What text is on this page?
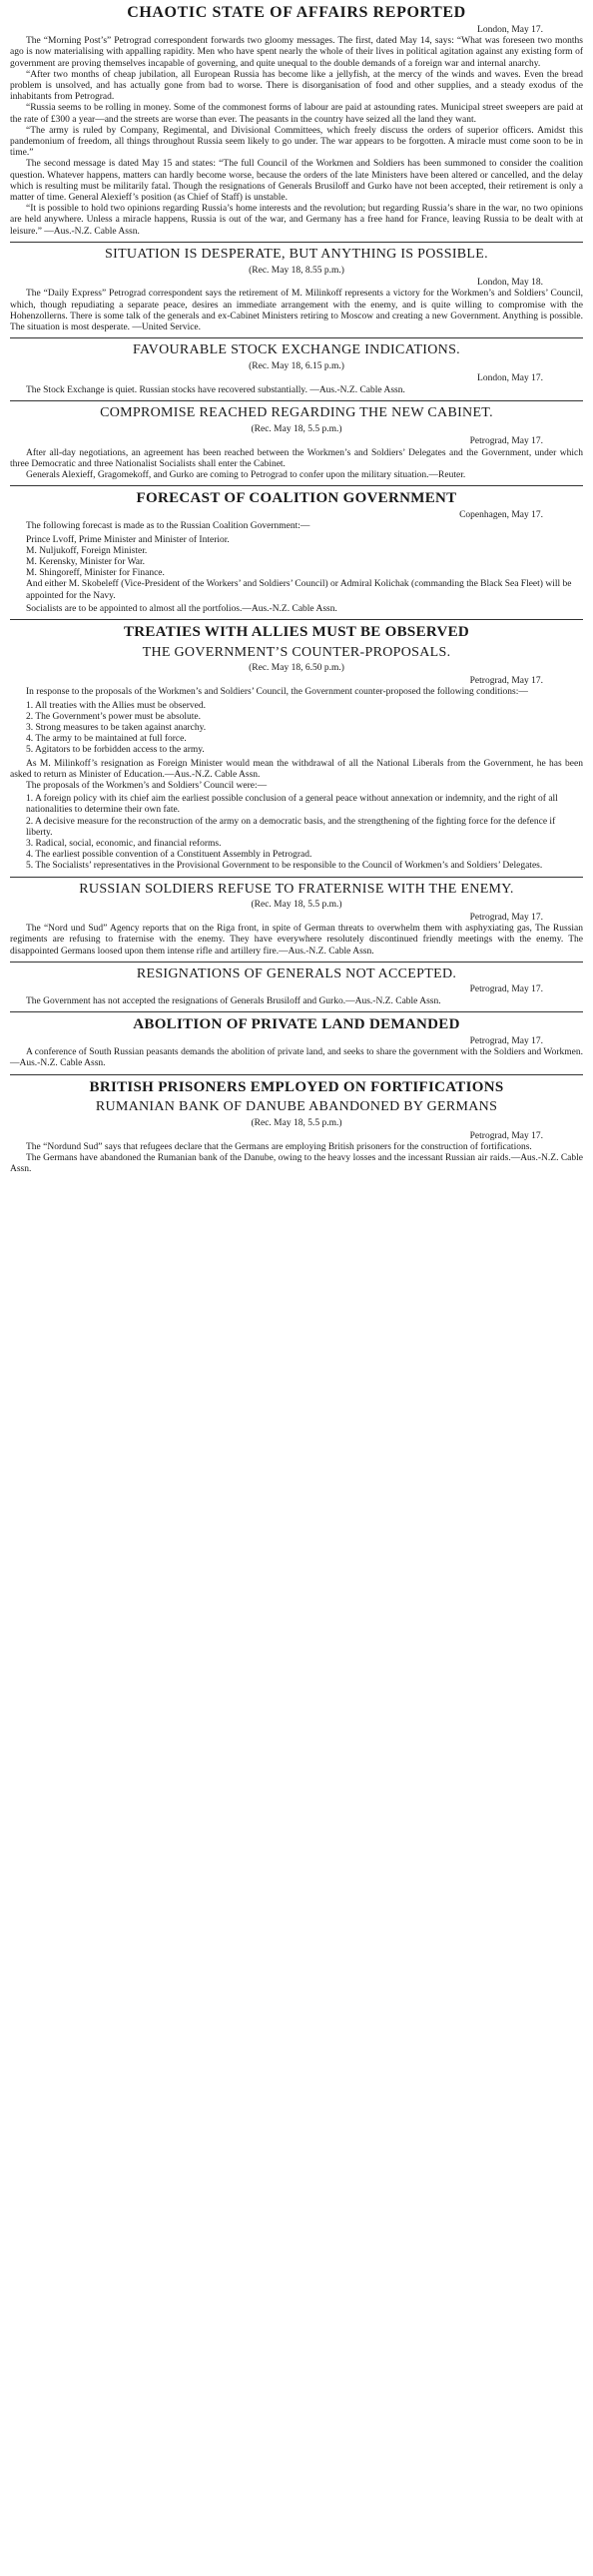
CHAOTIC STATE OF AFFAIRS REPORTED
London, May 17.

The “Morning Post’s” Petrograd correspondent forwards two gloomy messages. The first, dated May 14, says: “What was foreseen two months ago is now materialising with appalling rapidity. Men who have spent nearly the whole of their lives in political agitation against any existing form of government are proving themselves incapable of governing, and quite unequal to the double demands of a foreign war and internal anarchy.

“After two months of cheap jubilation, all European Russia has become like a jellyfish, at the mercy of the winds and waves. Even the bread problem is unsolved, and has actually gone from bad to worse. There is disorganisation of food and other supplies, and a steady exodus of the inhabitants from Petrograd.

“Russia seems to be rolling in money. Some of the commonest forms of labour are paid at astounding rates. Municipal street sweepers are paid at the rate of £300 a year—and the streets are worse than ever. The peasants in the country have seized all the land they want.

“The army is ruled by Company, Regimental, and Divisional Committees, which freely discuss the orders of superior officers. Amidst this pandemonium of freedom, all things throughout Russia seem likely to go under. The war appears to be forgotten. A miracle must come soon to be in time.”

The second message is dated May 15 and states: “The full Council of the Workmen and Soldiers has been summoned to consider the coalition question. Whatever happens, matters can hardly become worse, because the orders of the late Ministers have been altered or cancelled, and the delay which is resulting must be militarily fatal. Though the resignations of Generals Brusiloff and Gurko have not been accepted, their retirement is only a matter of time. General Alexieff’s position (as Chief of Staff) is unstable.

“It is possible to hold two opinions regarding Russia’s home interests and the revolution; but regarding Russia’s share in the war, no two opinions are held anywhere. Unless a miracle happens, Russia is out of the war, and Germany has a free hand for France, leaving Russia to be dealt with at leisure.” —Aus.-N.Z. Cable Assn.

SITUATION IS DESPERATE, BUT ANYTHING IS POSSIBLE.
(Rec. May 18, 8.55 p.m.)
London, May 18.

The “Daily Express” Petrograd correspondent says the retirement of M. Milinkoff represents a victory for the Workmen’s and Soldiers’ Council, which, though repudiating a separate peace, desires an immediate arrangement with the enemy, and is quite willing to compromise with the Hohenzollerns. There is some talk of the generals and ex-Cabinet Ministers retiring to Moscow and creating a new Government. Anything is possible. The situation is most desperate. —United Service.

FAVOURABLE STOCK EXCHANGE INDICATIONS.
(Rec. May 18, 6.15 p.m.)
London, May 17.

The Stock Exchange is quiet. Russian stocks have recovered substantially. —Aus.-N.Z. Cable Assn.

COMPROMISE REACHED REGARDING THE NEW CABINET.
(Rec. May 18, 5.5 p.m.)
Petrograd, May 17.

After all-day negotiations, an agreement has been reached between the Workmen’s and Soldiers’ Delegates and the Government, under which three Democratic and three Nationalist Socialists shall enter the Cabinet.

Generals Alexieff, Gragomekoff, and Gurko are coming to Petrograd to confer upon the military situation.—Reuter.

FORECAST OF COALITION GOVERNMENT
Copenhagen, May 17.

The following forecast is made as to the Russian Coalition Government:—

Prince Lvoff, Prime Minister and Minister of Interior.
M. Nuljukoff, Foreign Minister.
M. Kerensky, Minister for War.
M. Shingoreff, Minister for Finance.
And either M. Skobeleff (Vice-President of the Workers’ and Soldiers’ Council) or Admiral Kolichak (commanding the Black Sea Fleet) will be appointed for the Navy.

Socialists are to be appointed to almost all the portfolios.—Aus.-N.Z. Cable Assn.

TREATIES WITH ALLIES MUST BE OBSERVED
THE GOVERNMENT’S COUNTER-PROPOSALS.
(Rec. May 18, 6.50 p.m.)
Petrograd, May 17.

In response to the proposals of the Workmen’s and Soldiers’ Council, the Government counter-proposed the following conditions:—

1. All treaties with the Allies must be observed.
2. The Government’s power must be absolute.
3. Strong measures to be taken against anarchy.
4. The army to be maintained at full force.
5. Agitators to be forbidden access to the army.

As M. Milinkoff’s resignation as Foreign Minister would mean the withdrawal of all the National Liberals from the Government, he has been asked to return as Minister of Education.—Aus.-N.Z. Cable Assn.

The proposals of the Workmen’s and Soldiers’ Council were:—

1. A foreign policy with its chief aim the earliest possible conclusion of a general peace without annexation or indemnity, and the right of all nationalities to determine their own fate.
2. A decisive measure for the reconstruction of the army on a democratic basis, and the strengthening of the fighting force for the defence if liberty.
3. Radical, social, economic, and financial reforms.
4. The earliest possible convention of a Constituent Assembly in Petrograd.
5. The Socialists’ representatives in the Provisional Government to be responsible to the Council of Workmen’s and Soldiers’ Delegates.
RUSSIAN SOLDIERS REFUSE TO FRATERNISE WITH THE ENEMY.
(Rec. May 18, 5.5 p.m.)
Petrograd, May 17.

The “Nord und Sud” Agency reports that on the Riga front, in spite of German threats to overwhelm them with asphyxiating gas, The Russian regiments are refusing to fraternise with the enemy. They have everywhere resolutely discontinued friendly meetings with the enemy. The disappointed Germans loosed upon them intense rifle and artillery fire.—Aus.-N.Z. Cable Assn.

RESIGNATIONS OF GENERALS NOT ACCEPTED.
Petrograd, May 17.

The Government has not accepted the resignations of Generals Brusiloff and Gurko.—Aus.-N.Z. Cable Assn.

ABOLITION OF PRIVATE LAND DEMANDED
Petrograd, May 17.

A conference of South Russian peasants demands the abolition of private land, and seeks to share the government with the Soldiers and Workmen.—Aus.-N.Z. Cable Assn.

BRITISH PRISONERS EMPLOYED ON FORTIFICATIONS
RUMANIAN BANK OF DANUBE ABANDONED BY GERMANS
(Rec. May 18, 5.5 p.m.)
Petrograd, May 17.

The “Nordund Sud” says that refugees declare that the Germans are employing British prisoners for the construction of fortifications.

The Germans have abandoned the Rumanian bank of the Danube, owing to the heavy losses and the incessant Russian air raids.—Aus.-N.Z. Cable Assn.
